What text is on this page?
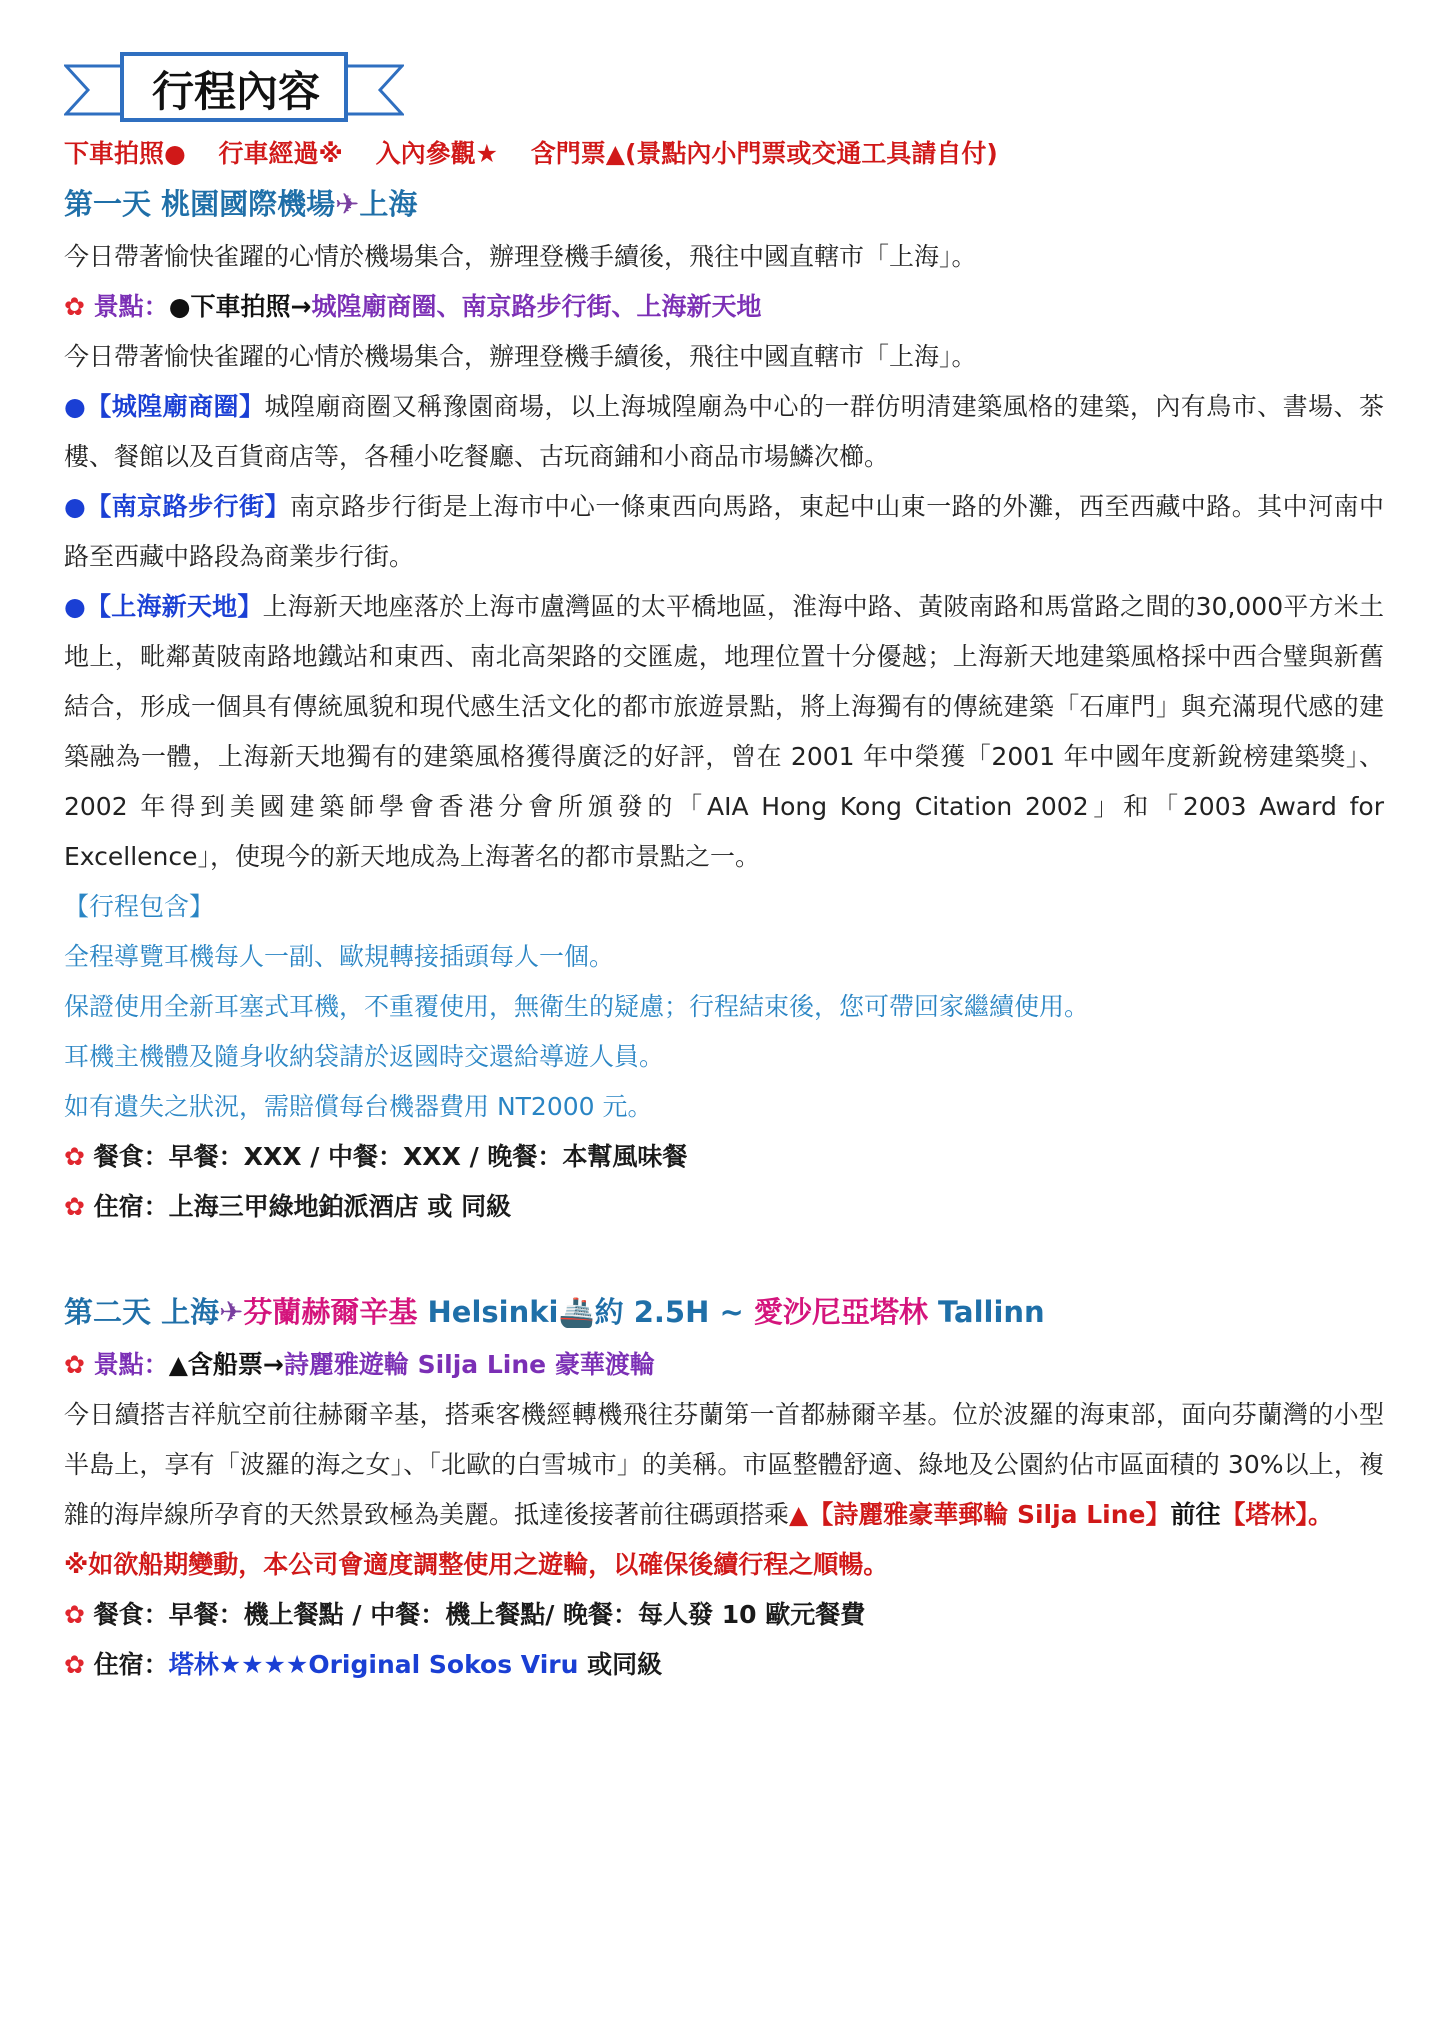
行程內容
下車拍照● 行車經過※ 入內參觀★ 含門票▲(景點內小門票或交通工具請自付)
第一天 桃園國際機場✈上海
今日帶著愉快雀躍的心情於機場集合，辦理登機手續後，飛往中國直轄市「上海」。
✿ 景點：●下車拍照→城隍廟商圈、南京路步行街、上海新天地
今日帶著愉快雀躍的心情於機場集合，辦理登機手續後，飛往中國直轄市「上海」。
●【城隍廟商圈】城隍廟商圈又稱豫園商場，以上海城隍廟為中心的一群仿明清建築風格的建築，內有鳥市、書場、茶樓、餐館以及百貨商店等，各種小吃餐廳、古玩商鋪和小商品市場鱗次櫛。
●【南京路步行街】南京路步行街是上海市中心一條東西向馬路，東起中山東一路的外灘，西至西藏中路。其中河南中路至西藏中路段為商業步行街。
●【上海新天地】上海新天地座落於上海市盧灣區的太平橋地區，淮海中路、黃陂南路和馬當路之間的30,000平方米土地上，毗鄰黃陂南路地鐵站和東西、南北高架路的交匯處，地理位置十分優越；上海新天地建築風格採中西合璧與新舊結合，形成一個具有傳統風貌和現代感生活文化的都市旅遊景點，將上海獨有的傳統建築「石庫門」與充滿現代感的建築融為一體，上海新天地獨有的建築風格獲得廣泛的好評，曾在 2001 年中榮獲「2001 年中國年度新銳榜建築獎」、2002 年得到美國建築師學會香港分會所頒發的「AIA Hong Kong Citation 2002」和「2003 Award for Excellence」，使現今的新天地成為上海著名的都市景點之一。
【行程包含】
全程導覽耳機每人一副、歐規轉接插頭每人一個。
保證使用全新耳塞式耳機，不重覆使用，無衛生的疑慮；行程結束後，您可帶回家繼續使用。
耳機主機體及隨身收納袋請於返國時交還給導遊人員。
如有遺失之狀況，需賠償每台機器費用 NT2000 元。
✿ 餐食：早餐：XXX / 中餐：XXX / 晚餐：本幫風味餐
✿ 住宿：上海三甲綠地鉑派酒店 或 同級
第二天 上海✈芬蘭赫爾辛基 Helsinki🚢約 2.5H ~ 愛沙尼亞塔林 Tallinn
✿ 景點：▲含船票→詩麗雅遊輪 Silja Line 豪華渡輪
今日續搭吉祥航空前往赫爾辛基，搭乘客機經轉機飛往芬蘭第一首都赫爾辛基。位於波羅的海東部，面向芬蘭灣的小型半島上，享有「波羅的海之女」、「北歐的白雪城市」的美稱。市區整體舒適、綠地及公園約佔市區面積的 30%以上，複雜的海岸線所孕育的天然景致極為美麗。抵達後接著前往碼頭搭乘▲【詩麗雅豪華郵輪 Silja Line】前往【塔林】。
※如欲船期變動，本公司會適度調整使用之遊輪，以確保後續行程之順暢。
✿ 餐食：早餐：機上餐點 / 中餐：機上餐點/ 晚餐：每人發 10 歐元餐費
✿ 住宿：塔林★★★★Original Sokos Viru 或同級
